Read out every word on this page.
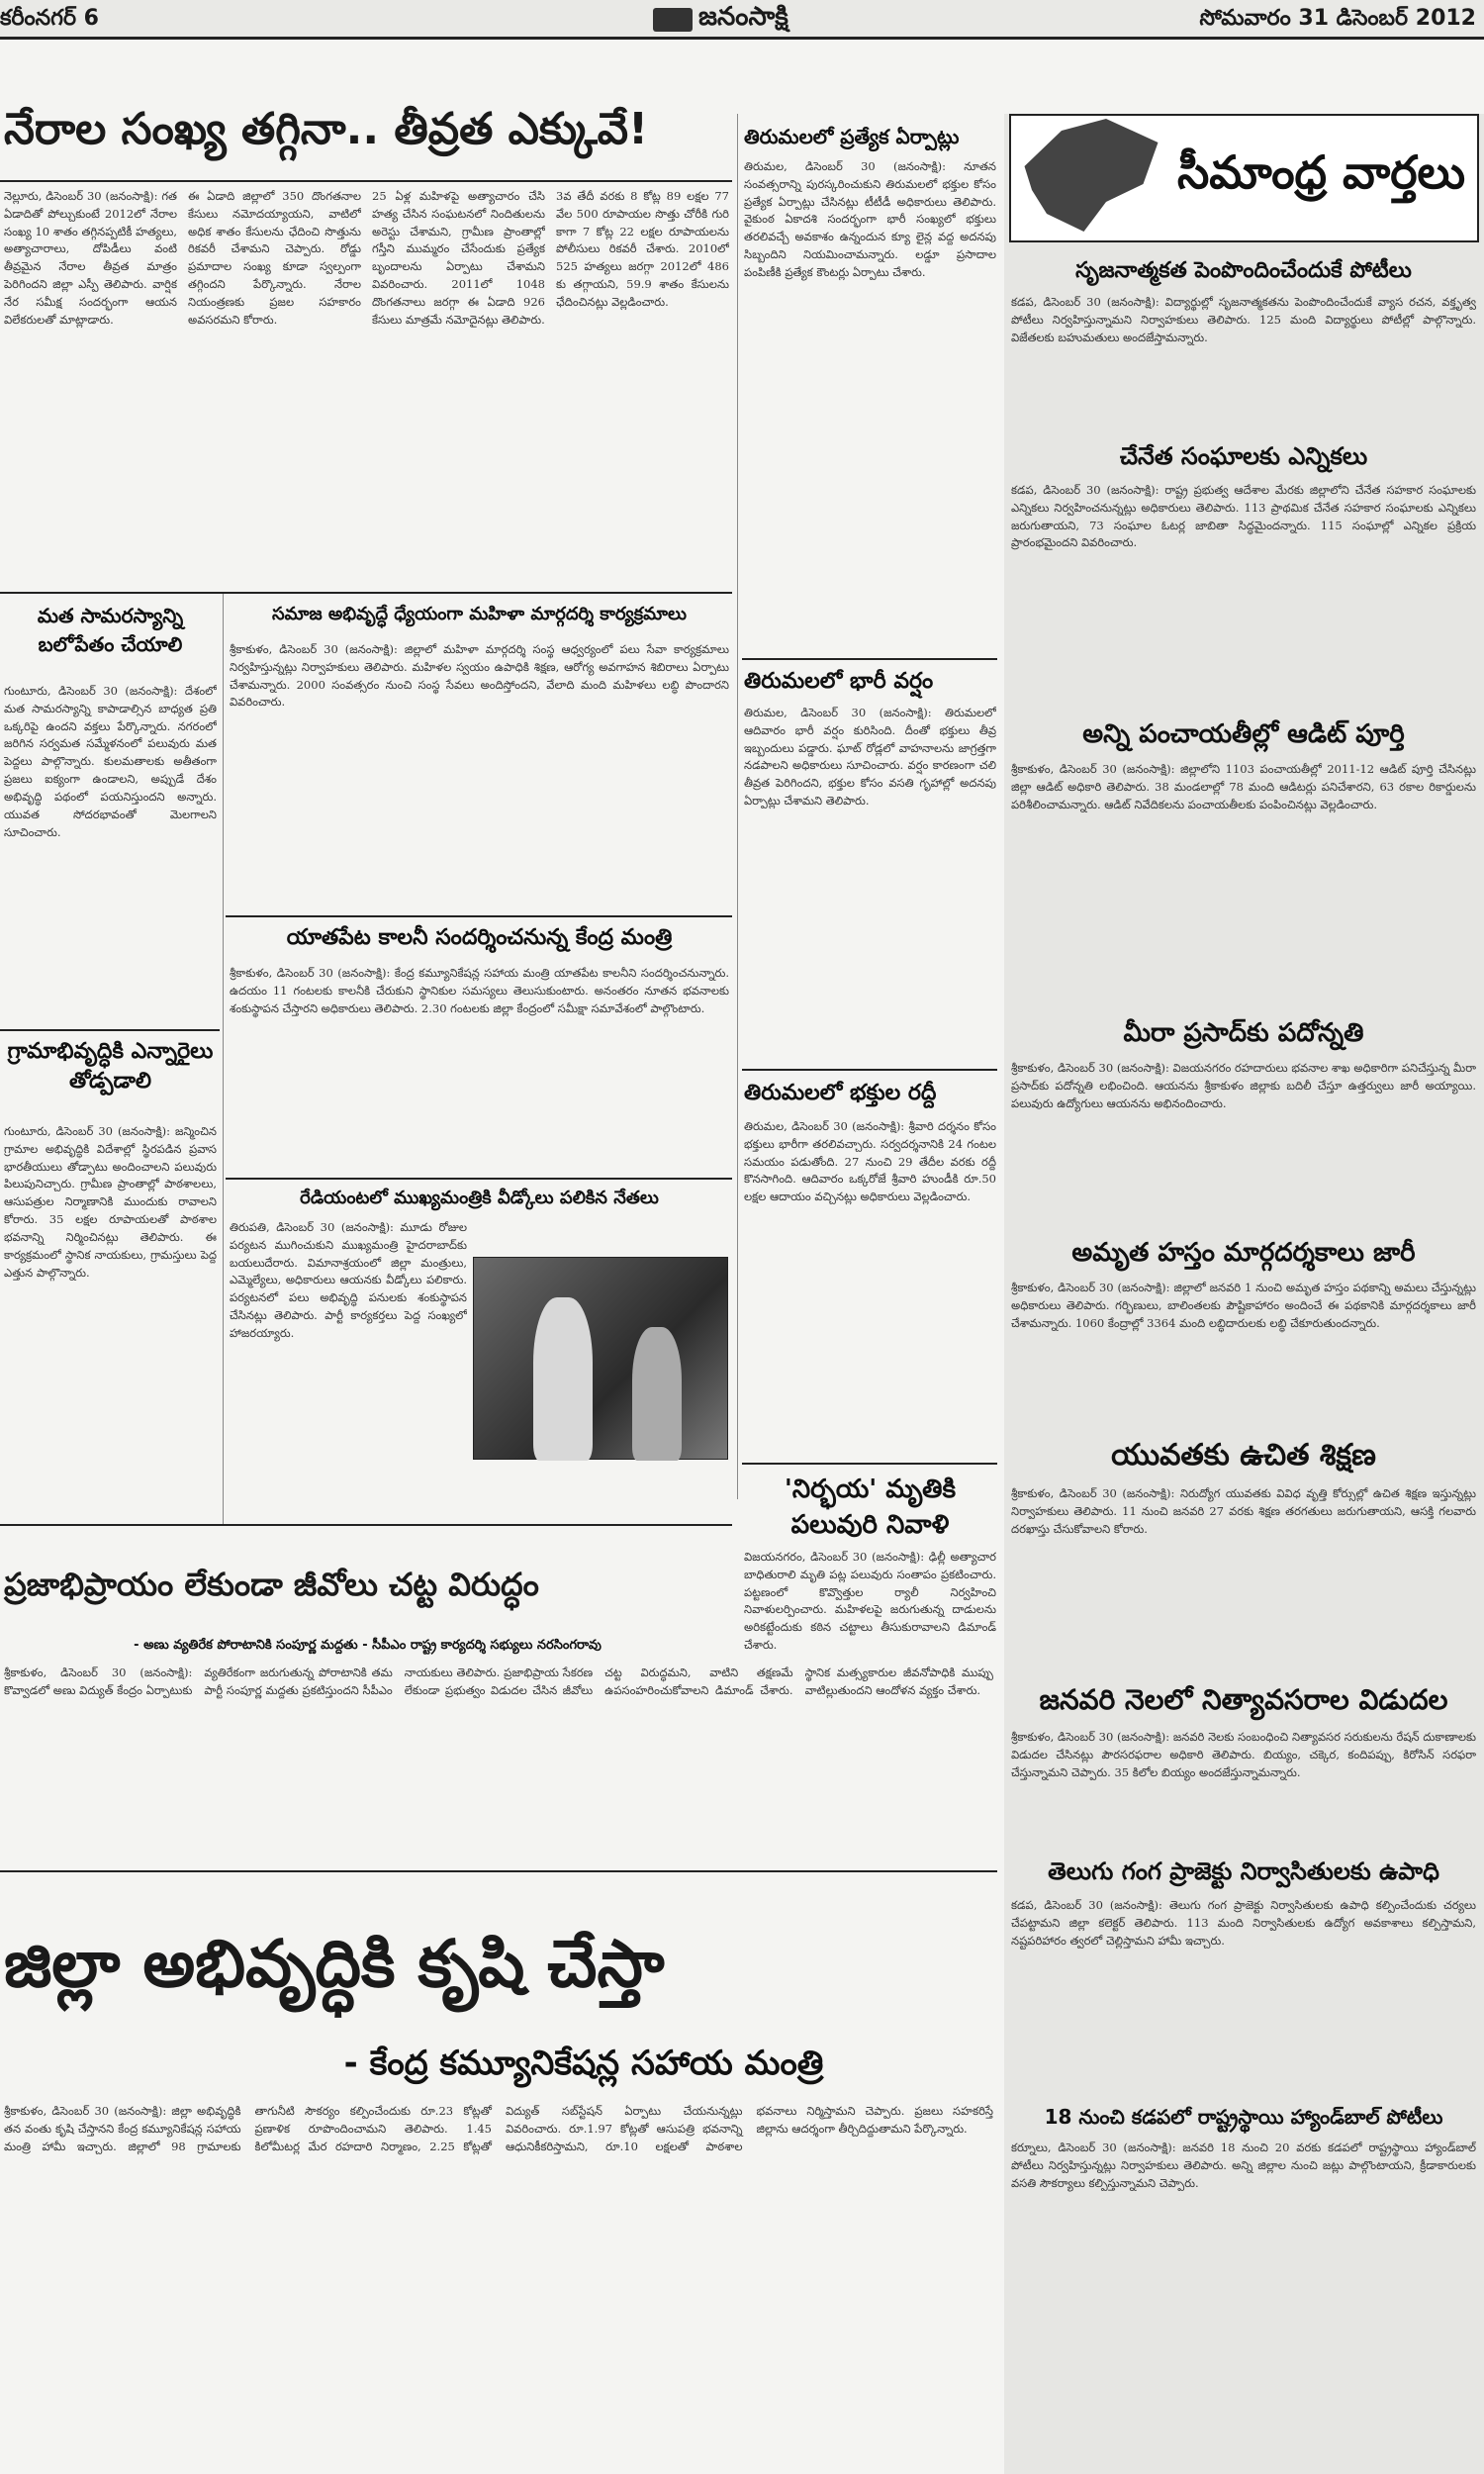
కరీంనగర్ 6	జనంసాక్షి	సోమవారం 31 డిసెంబర్ 2012
నేరాల సంఖ్య తగ్గినా.. తీవ్రత ఎక్కువే!

నెల్లూరు, డిసెంబర్ 30 (జనంసాక్షి): గత ఏడాదితో పోల్చుకుంటే 2012లో నేరాల సంఖ్య 10 శాతం తగ్గినప్పటికీ హత్యలు, అత్యాచారాలు, దోపిడీలు వంటి తీవ్రమైన నేరాల తీవ్రత మాత్రం పెరిగిందని జిల్లా ఎస్పీ తెలిపారు. వార్షిక నేర సమీక్ష సందర్భంగా ఆయన విలేకరులతో మాట్లాడారు.

ఈ ఏడాది జిల్లాలో 350 దొంగతనాల కేసులు నమోదయ్యాయని, వాటిలో అధిక శాతం కేసులను ఛేదించి సొత్తును రికవరీ చేశామని చెప్పారు. రోడ్డు ప్రమాదాల సంఖ్య కూడా స్వల్పంగా తగ్గిందని పేర్కొన్నారు. నేరాల నియంత్రణకు ప్రజల సహకారం అవసరమని కోరారు.

25 ఏళ్ల మహిళపై అత్యాచారం చేసి హత్య చేసిన సంఘటనలో నిందితులను అరెస్టు చేశామని, గ్రామీణ ప్రాంతాల్లో గస్తీని ముమ్మరం చేసేందుకు ప్రత్యేక బృందాలను ఏర్పాటు చేశామని వివరించారు. 2011లో 1048 దొంగతనాలు జరగ్గా ఈ ఏడాది 926 కేసులు మాత్రమే నమోదైనట్లు తెలిపారు.

3వ తేదీ వరకు 8 కోట్ల 89 లక్షల 77 వేల 500 రూపాయల సొత్తు చోరీకి గురి కాగా 7 కోట్ల 22 లక్షల రూపాయలను పోలీసులు రికవరీ చేశారు. 2010లో 525 హత్యలు జరగ్గా 2012లో 486 కు తగ్గాయని, 59.9 శాతం కేసులను ఛేదించినట్లు వెల్లడించారు.

తిరుమలలో ప్రత్యేక ఏర్పాట్లు
తిరుమల, డిసెంబర్ 30 (జనంసాక్షి): నూతన సంవత్సరాన్ని పురస్కరించుకుని తిరుమలలో భక్తుల కోసం ప్రత్యేక ఏర్పాట్లు చేసినట్లు టీటీడీ అధికారులు తెలిపారు. వైకుంఠ ఏకాదశి సందర్భంగా భారీ సంఖ్యలో భక్తులు తరలివచ్చే అవకాశం ఉన్నందున క్యూ లైన్ల వద్ద అదనపు సిబ్బందిని నియమించామన్నారు. లడ్డూ ప్రసాదాల పంపిణీకి ప్రత్యేక కౌంటర్లు ఏర్పాటు చేశారు.
తిరుమలలో భారీ వర్షం
తిరుమల, డిసెంబర్ 30 (జనంసాక్షి): తిరుమలలో ఆదివారం భారీ వర్షం కురిసింది. దీంతో భక్తులు తీవ్ర ఇబ్బందులు పడ్డారు. ఘాట్ రోడ్లలో వాహనాలను జాగ్రత్తగా నడపాలని అధికారులు సూచించారు. వర్షం కారణంగా చలి తీవ్రత పెరిగిందని, భక్తుల కోసం వసతి గృహాల్లో అదనపు ఏర్పాట్లు చేశామని తెలిపారు.
తిరుమలలో భక్తుల రద్దీ
తిరుమల, డిసెంబర్ 30 (జనంసాక్షి): శ్రీవారి దర్శనం కోసం భక్తులు భారీగా తరలివచ్చారు. సర్వదర్శనానికి 24 గంటల సమయం పడుతోంది. 27 నుంచి 29 తేదీల వరకు రద్దీ కొనసాగింది. ఆదివారం ఒక్కరోజే శ్రీవారి హుండీకి రూ.50 లక్షల ఆదాయం వచ్చినట్లు అధికారులు వెల్లడించారు.
'నిర్భయ' మృతికి పలువురి నివాళి
విజయనగరం, డిసెంబర్ 30 (జనంసాక్షి): ఢిల్లీ అత్యాచార బాధితురాలి మృతి పట్ల పలువురు సంతాపం ప్రకటించారు. పట్టణంలో కొవ్వొత్తుల ర్యాలీ నిర్వహించి నివాళులర్పించారు. మహిళలపై జరుగుతున్న దాడులను అరికట్టేందుకు కఠిన చట్టాలు తీసుకురావాలని డిమాండ్ చేశారు.
మత సామరస్యాన్ని బలోపేతం చేయాలి
గుంటూరు, డిసెంబర్ 30 (జనంసాక్షి): దేశంలో మత సామరస్యాన్ని కాపాడాల్సిన బాధ్యత ప్రతి ఒక్కరిపై ఉందని వక్తలు పేర్కొన్నారు. నగరంలో జరిగిన సర్వమత సమ్మేళనంలో పలువురు మత పెద్దలు పాల్గొన్నారు. కులమతాలకు అతీతంగా ప్రజలు ఐక్యంగా ఉండాలని, అప్పుడే దేశం అభివృద్ధి పథంలో పయనిస్తుందని అన్నారు. యువత సోదరభావంతో మెలగాలని సూచించారు.
గ్రామాభివృద్ధికి ఎన్నారైలు తోడ్పడాలి
గుంటూరు, డిసెంబర్ 30 (జనంసాక్షి): జన్మించిన గ్రామాల అభివృద్ధికి విదేశాల్లో స్థిరపడిన ప్రవాస భారతీయులు తోడ్పాటు అందించాలని పలువురు పిలుపునిచ్చారు. గ్రామీణ ప్రాంతాల్లో పాఠశాలలు, ఆసుపత్రుల నిర్మాణానికి ముందుకు రావాలని కోరారు. 35 లక్షల రూపాయలతో పాఠశాల భవనాన్ని నిర్మించినట్లు తెలిపారు. ఈ కార్యక్రమంలో స్థానిక నాయకులు, గ్రామస్తులు పెద్ద ఎత్తున పాల్గొన్నారు.
సమాజ అభివృద్ధే ధ్యేయంగా మహిళా మార్గదర్శి కార్యక్రమాలు
శ్రీకాకుళం, డిసెంబర్ 30 (జనంసాక్షి): జిల్లాలో మహిళా మార్గదర్శి సంస్థ ఆధ్వర్యంలో పలు సేవా కార్యక్రమాలు నిర్వహిస్తున్నట్లు నిర్వాహకులు తెలిపారు. మహిళల స్వయం ఉపాధికి శిక్షణ, ఆరోగ్య అవగాహన శిబిరాలు ఏర్పాటు చేశామన్నారు. 2000 సంవత్సరం నుంచి సంస్థ సేవలు అందిస్తోందని, వేలాది మంది మహిళలు లబ్ధి పొందారని వివరించారు.
యాతపేట కాలనీ సందర్శించనున్న కేంద్ర మంత్రి
శ్రీకాకుళం, డిసెంబర్ 30 (జనంసాక్షి): కేంద్ర కమ్యూనికేషన్ల సహాయ మంత్రి యాతపేట కాలనీని సందర్శించనున్నారు. ఉదయం 11 గంటలకు కాలనీకి చేరుకుని స్థానికుల సమస్యలు తెలుసుకుంటారు. అనంతరం నూతన భవనాలకు శంకుస్థాపన చేస్తారని అధికారులు తెలిపారు. 2.30 గంటలకు జిల్లా కేంద్రంలో సమీక్షా సమావేశంలో పాల్గొంటారు.
రేడియంటలో ముఖ్యమంత్రికి వీడ్కోలు పలికిన నేతలు
తిరుపతి, డిసెంబర్ 30 (జనంసాక్షి): మూడు రోజుల పర్యటన ముగించుకుని ముఖ్యమంత్రి హైదరాబాద్‌కు బయలుదేరారు. విమానాశ్రయంలో జిల్లా మంత్రులు, ఎమ్మెల్యేలు, అధికారులు ఆయనకు వీడ్కోలు పలికారు. పర్యటనలో పలు అభివృద్ధి పనులకు శంకుస్థాపన చేసినట్లు తెలిపారు. పార్టీ కార్యకర్తలు పెద్ద సంఖ్యలో హాజరయ్యారు.
ప్రజాభిప్రాయం లేకుండా జీవోలు చట్ట విరుద్ధం
- అణు వ్యతిరేక పోరాటానికి సంపూర్ణ మద్దతు - సీపీఎం రాష్ట్ర కార్యదర్శి సభ్యులు నరసింగరావు
శ్రీకాకుళం, డిసెంబర్ 30 (జనంసాక్షి): కొవ్వాడలో అణు విద్యుత్ కేంద్రం ఏర్పాటుకు వ్యతిరేకంగా జరుగుతున్న పోరాటానికి తమ పార్టీ సంపూర్ణ మద్దతు ప్రకటిస్తుందని సీపీఎం నాయకులు తెలిపారు. ప్రజాభిప్రాయ సేకరణ లేకుండా ప్రభుత్వం విడుదల చేసిన జీవోలు చట్ట విరుద్ధమని, వాటిని తక్షణమే ఉపసంహరించుకోవాలని డిమాండ్ చేశారు. స్థానిక మత్స్యకారుల జీవనోపాధికి ముప్పు వాటిల్లుతుందని ఆందోళన వ్యక్తం చేశారు.
జిల్లా అభివృద్ధికి కృషి చేస్తా
- కేంద్ర కమ్యూనికేషన్ల సహాయ మంత్రి
శ్రీకాకుళం, డిసెంబర్ 30 (జనంసాక్షి): జిల్లా అభివృద్ధికి తన వంతు కృషి చేస్తానని కేంద్ర కమ్యూనికేషన్ల సహాయ మంత్రి హామీ ఇచ్చారు. జిల్లాలో 98 గ్రామాలకు తాగునీటి సౌకర్యం కల్పించేందుకు రూ.23 కోట్లతో ప్రణాళిక రూపొందించామని తెలిపారు. 1.45 కిలోమీటర్ల మేర రహదారి నిర్మాణం, 2.25 కోట్లతో విద్యుత్ సబ్‌స్టేషన్ ఏర్పాటు చేయనున్నట్లు వివరించారు. రూ.1.97 కోట్లతో ఆసుపత్రి భవనాన్ని ఆధునికీకరిస్తామని, రూ.10 లక్షలతో పాఠశాల భవనాలు నిర్మిస్తామని చెప్పారు. ప్రజలు సహకరిస్తే జిల్లాను ఆదర్శంగా తీర్చిదిద్దుతామని పేర్కొన్నారు.
సీమాంధ్ర వార్తలు
సృజనాత్మకత పెంపొందించేందుకే పోటీలు
కడప, డిసెంబర్ 30 (జనంసాక్షి): విద్యార్థుల్లో సృజనాత్మకతను పెంపొందించేందుకే వ్యాస రచన, వక్తృత్వ పోటీలు నిర్వహిస్తున్నామని నిర్వాహకులు తెలిపారు. 125 మంది విద్యార్థులు పోటీల్లో పాల్గొన్నారు. విజేతలకు బహుమతులు అందజేస్తామన్నారు.
చేనేత సంఘాలకు ఎన్నికలు
కడప, డిసెంబర్ 30 (జనంసాక్షి): రాష్ట్ర ప్రభుత్వ ఆదేశాల మేరకు జిల్లాలోని చేనేత సహకార సంఘాలకు ఎన్నికలు నిర్వహించనున్నట్లు అధికారులు తెలిపారు. 113 ప్రాథమిక చేనేత సహకార సంఘాలకు ఎన్నికలు జరుగుతాయని, 73 సంఘాల ఓటర్ల జాబితా సిద్ధమైందన్నారు. 115 సంఘాల్లో ఎన్నికల ప్రక్రియ ప్రారంభమైందని వివరించారు.
అన్ని పంచాయతీల్లో ఆడిట్ పూర్తి
శ్రీకాకుళం, డిసెంబర్ 30 (జనంసాక్షి): జిల్లాలోని 1103 పంచాయతీల్లో 2011-12 ఆడిట్ పూర్తి చేసినట్లు జిల్లా ఆడిట్ అధికారి తెలిపారు. 38 మండలాల్లో 78 మంది ఆడిటర్లు పనిచేశారని, 63 రకాల రికార్డులను పరిశీలించామన్నారు. ఆడిట్ నివేదికలను పంచాయతీలకు పంపించినట్లు వెల్లడించారు.
మీరా ప్రసాద్‌కు పదోన్నతి
శ్రీకాకుళం, డిసెంబర్ 30 (జనంసాక్షి): విజయనగరం రహదారులు భవనాల శాఖ అధికారిగా పనిచేస్తున్న మీరా ప్రసాద్‌కు పదోన్నతి లభించింది. ఆయనను శ్రీకాకుళం జిల్లాకు బదిలీ చేస్తూ ఉత్తర్వులు జారీ అయ్యాయి. పలువురు ఉద్యోగులు ఆయనను అభినందించారు.
అమృత హస్తం మార్గదర్శకాలు జారీ
శ్రీకాకుళం, డిసెంబర్ 30 (జనంసాక్షి): జిల్లాలో జనవరి 1 నుంచి అమృత హస్తం పథకాన్ని అమలు చేస్తున్నట్లు అధికారులు తెలిపారు. గర్భిణులు, బాలింతలకు పౌష్టికాహారం అందించే ఈ పథకానికి మార్గదర్శకాలు జారీ చేశామన్నారు. 1060 కేంద్రాల్లో 3364 మంది లబ్ధిదారులకు లబ్ధి చేకూరుతుందన్నారు.
యువతకు ఉచిత శిక్షణ
శ్రీకాకుళం, డిసెంబర్ 30 (జనంసాక్షి): నిరుద్యోగ యువతకు వివిధ వృత్తి కోర్సుల్లో ఉచిత శిక్షణ ఇస్తున్నట్లు నిర్వాహకులు తెలిపారు. 11 నుంచి జనవరి 27 వరకు శిక్షణ తరగతులు జరుగుతాయని, ఆసక్తి గలవారు దరఖాస్తు చేసుకోవాలని కోరారు.
జనవరి నెలలో నిత్యావసరాల విడుదల
శ్రీకాకుళం, డిసెంబర్ 30 (జనంసాక్షి): జనవరి నెలకు సంబంధించి నిత్యావసర సరుకులను రేషన్ దుకాణాలకు విడుదల చేసినట్లు పౌరసరఫరాల అధికారి తెలిపారు. బియ్యం, చక్కెర, కందిపప్పు, కిరోసిన్ సరఫరా చేస్తున్నామని చెప్పారు. 35 కిలోల బియ్యం అందజేస్తున్నామన్నారు.
తెలుగు గంగ ప్రాజెక్టు నిర్వాసితులకు ఉపాధి
కడప, డిసెంబర్ 30 (జనంసాక్షి): తెలుగు గంగ ప్రాజెక్టు నిర్వాసితులకు ఉపాధి కల్పించేందుకు చర్యలు చేపట్టామని జిల్లా కలెక్టర్ తెలిపారు. 113 మంది నిర్వాసితులకు ఉద్యోగ అవకాశాలు కల్పిస్తామని, నష్టపరిహారం త్వరలో చెల్లిస్తామని హామీ ఇచ్చారు.
18 నుంచి కడపలో రాష్ట్రస్థాయి హ్యాండ్‌బాల్ పోటీలు
కర్నూలు, డిసెంబర్ 30 (జనంసాక్షి): జనవరి 18 నుంచి 20 వరకు కడపలో రాష్ట్రస్థాయి హ్యాండ్‌బాల్ పోటీలు నిర్వహిస్తున్నట్లు నిర్వాహకులు తెలిపారు. అన్ని జిల్లాల నుంచి జట్లు పాల్గొంటాయని, క్రీడాకారులకు వసతి సౌకర్యాలు కల్పిస్తున్నామని చెప్పారు.
